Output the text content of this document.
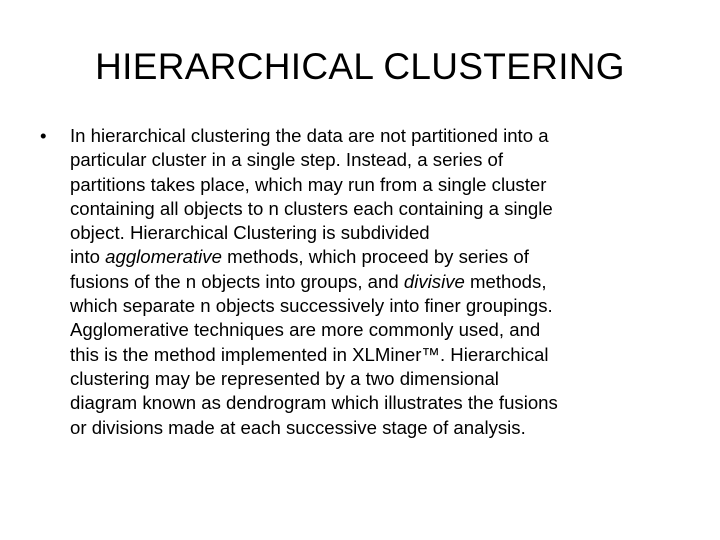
HIERARCHICAL CLUSTERING
• In hierarchical clustering the data are not partitioned into a
particular cluster in a single step. Instead, a series of
partitions takes place, which may run from a single cluster
containing all objects to n clusters each containing a single
object. Hierarchical Clustering is subdivided
into agglomerative methods, which proceed by series of
fusions of the n objects into groups, and divisive methods,
which separate n objects successively into finer groupings.
Agglomerative techniques are more commonly used, and
this is the method implemented in XLMiner™. Hierarchical
clustering may be represented by a two dimensional
diagram known as dendrogram which illustrates the fusions
or divisions made at each successive stage of analysis.
